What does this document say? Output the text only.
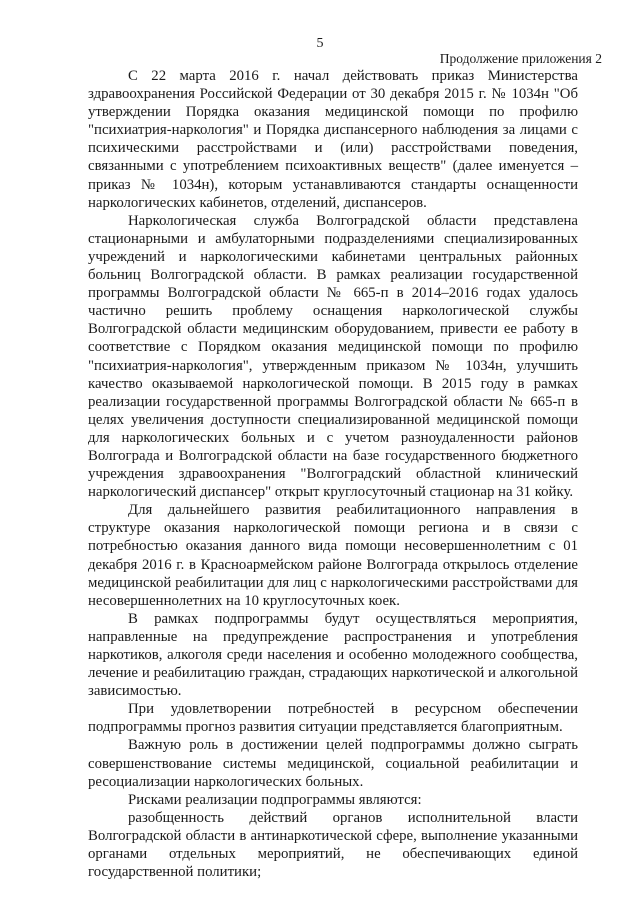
5
Продолжение приложения 2

С 22 марта 2016 г. начал действовать приказ Министерства здравоохранения Российской Федерации от 30 декабря 2015 г. № 1034н "Об утверждении Порядка оказания медицинской помощи по профилю "психиатрия-наркология" и Порядка диспансерного наблюдения за лицами с психическими расстройствами и (или) расстройствами поведения, связанными с употреблением психоактивных веществ" (далее именуется – приказ № 1034н), которым устанавливаются стандарты оснащенности наркологических кабинетов, отделений, диспансеров.

Наркологическая служба Волгоградской области представлена стационарными и амбулаторными подразделениями специализированных учреждений и наркологическими кабинетами центральных районных больниц Волгоградской области. В рамках реализации государственной программы Волгоградской области № 665-п в 2014–2016 годах удалось частично решить проблему оснащения наркологической службы Волгоградской области медицинским оборудованием, привести ее работу в соответствие с Порядком оказания медицинской помощи по профилю "психиатрия-наркология", утвержденным приказом № 1034н, улучшить качество оказываемой наркологической помощи. В 2015 году в рамках реализации государственной программы Волгоградской области № 665-п в целях увеличения доступности специализированной медицинской помощи для наркологических больных и с учетом разноудаленности районов Волгограда и Волгоградской области на базе государственного бюджетного учреждения здравоохранения "Волгоградский областной клинический наркологический диспансер" открыт круглосуточный стационар на 31 койку.

Для дальнейшего развития реабилитационного направления в структуре оказания наркологической помощи региона и в связи с потребностью оказания данного вида помощи несовершеннолетним с 01 декабря 2016 г. в Красноармейском районе Волгограда открылось отделение медицинской реабилитации для лиц с наркологическими расстройствами для несовершеннолетних на 10 круглосуточных коек.

В рамках подпрограммы будут осуществляться мероприятия, направленные на предупреждение распространения и употребления наркотиков, алкоголя среди населения и особенно молодежного сообщества, лечение и реабилитацию граждан, страдающих наркотической и алкогольной зависимостью.

При удовлетворении потребностей в ресурсном обеспечении подпрограммы прогноз развития ситуации представляется благоприятным.

Важную роль в достижении целей подпрограммы должно сыграть совершенствование системы медицинской, социальной реабилитации и ресоциализации наркологических больных.

Рисками реализации подпрограммы являются:

разобщенность действий органов исполнительной власти Волгоградской области в антинаркотической сфере, выполнение указанными органами отдельных мероприятий, не обеспечивающих единой государственной политики;
